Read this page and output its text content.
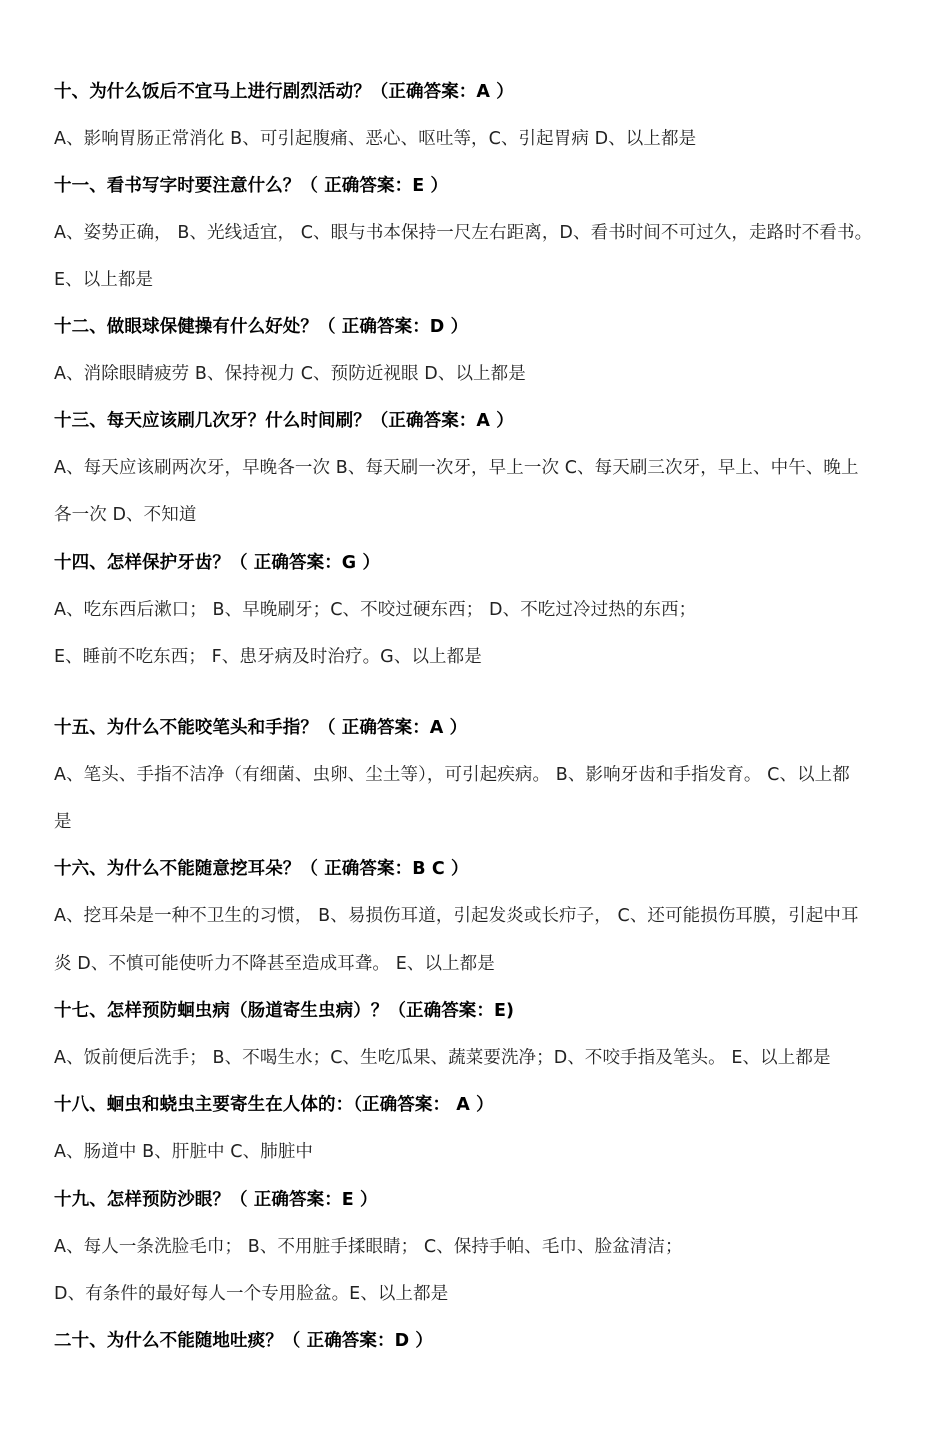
十、为什么饭后不宜马上进行剧烈活动？（正确答案：A ）
A、影响胃肠正常消化 B、可引起腹痛、恶心、呕吐等，C、引起胃病 D、以上都是
十一、看书写字时要注意什么？（ 正确答案：E ）
A、姿势正确， B、光线适宜， C、眼与书本保持一尺左右距离，D、看书时间不可过久，走路时不看书。
E、以上都是
十二、做眼球保健操有什么好处？（ 正确答案：D ）
A、消除眼睛疲劳 B、保持视力 C、预防近视眼 D、以上都是
十三、每天应该刷几次牙？什么时间刷？（正确答案：A ）
A、每天应该刷两次牙，早晚各一次 B、每天刷一次牙，早上一次 C、每天刷三次牙，早上、中午、晚上
各一次 D、不知道
十四、怎样保护牙齿？（ 正确答案：G ）
A、吃东西后漱口； B、早晚刷牙；C、不咬过硬东西； D、不吃过冷过热的东西；
E、睡前不吃东西； F、患牙病及时治疗。G、以上都是
十五、为什么不能咬笔头和手指？（ 正确答案：A ）
A、笔头、手指不洁净（有细菌、虫卵、尘土等），可引起疾病。 B、影响牙齿和手指发育。 C、以上都
是
十六、为什么不能随意挖耳朵？（ 正确答案：B C ）
A、挖耳朵是一种不卫生的习惯， B、易损伤耳道，引起发炎或长疖子， C、还可能损伤耳膜，引起中耳
炎 D、不慎可能使听力不降甚至造成耳聋。 E、以上都是
十七、怎样预防蛔虫病（肠道寄生虫病）？（正确答案：E)
A、饭前便后洗手； B、不喝生水；C、生吃瓜果、蔬菜要洗净；D、不咬手指及笔头。 E、以上都是
十八、蛔虫和蛲虫主要寄生在人体的：（正确答案： A ）
A、肠道中 B、肝脏中 C、肺脏中
十九、怎样预防沙眼？（ 正确答案：E ）
A、每人一条洗脸毛巾； B、不用脏手揉眼睛； C、保持手帕、毛巾、脸盆清洁；
D、有条件的最好每人一个专用脸盆。E、以上都是
二十、为什么不能随地吐痰？（ 正确答案：D ）
